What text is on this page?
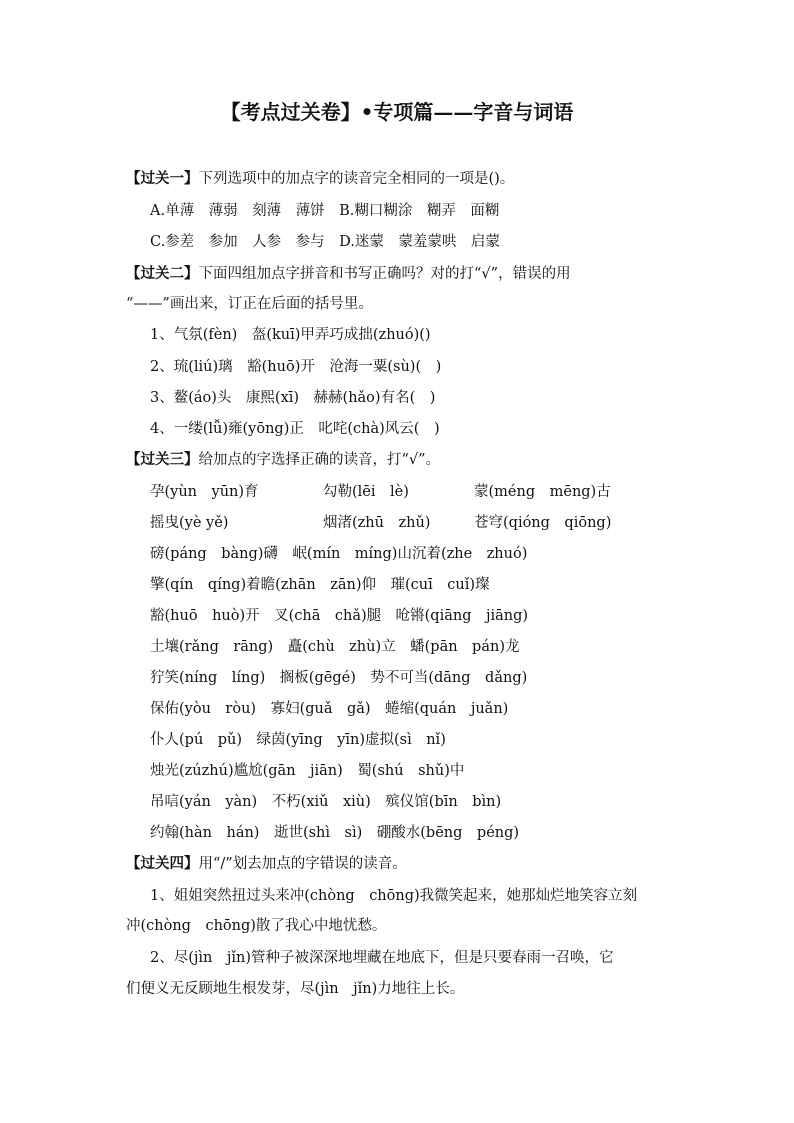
【考点过关卷】•专项篇——字音与词语
【过关一】下列选项中的加点字的读音完全相同的一项是()。
A.单薄　薄弱　刻薄　薄饼　B.糊口糊涂　糊弄　面糊
C.参差　参加　人参　参与　D.迷蒙　蒙羞蒙哄　启蒙
【过关二】下面四组加点字拼音和书写正确吗？对的打“√”，错误的用
“——”画出来，订正在后面的括号里。
1、气氛(fèn)　盔(kuī)甲弄巧成拙(zhuó)()
2、琉(liú)璃　豁(huō)开　沧海一粟(sù)(　)
3、鳌(áo)头　康熙(xī)　赫赫(hǎo)有名(　)
4、一缕(lǚ)雍(yōng)正　叱咤(chà)风云(　)
【过关三】给加点的字选择正确的读音，打“√”。
孕(yùn　yūn)育	勾勒(lēi　lè)	蒙(méng　mēng)古
摇曳(yè yě)	烟渚(zhū　zhǔ)	苍穹(qióng　qiōng)
磅(páng　bàng)礴　岷(mín　míng)山沉着(zhe　zhuó)
擎(qín　qíng)着瞻(zhān　zān)仰　璀(cuī　cuǐ)璨
豁(huō　huò)开　叉(chā　chǎ)腿　呛锵(qiāng　jiāng)
土壤(rǎng　rāng)　矗(chù　zhù)立　蟠(pān　pán)龙
狞笑(níng　líng)　搁板(gēgé)　势不可当(dāng　dǎng)
保佑(yòu　ròu)　寡妇(guǎ　gǎ)　蜷缩(quán　juǎn)
仆人(pú　pǔ)　绿茵(yīng　yīn)虚拟(sì　nǐ)
烛光(zúzhú)尴尬(gān　jiān)　蜀(shú　shǔ)中
吊唁(yán　yàn)　不朽(xiǔ　xiù)　殡仪馆(bīn　bìn)
约翰(hàn　hán)　逝世(shì　sì)　硼酸水(bēng　péng)
【过关四】用“/”划去加点的字错误的读音。
1、姐姐突然扭过头来冲(chòng　chōng)我微笑起来，她那灿烂地笑容立刻
冲(chòng　chōng)散了我心中地忧愁。
2、尽(jìn　jǐn)管种子被深深地埋藏在地底下，但是只要春雨一召唤，它
们便义无反顾地生根发芽，尽(jìn　jǐn)力地往上长。
